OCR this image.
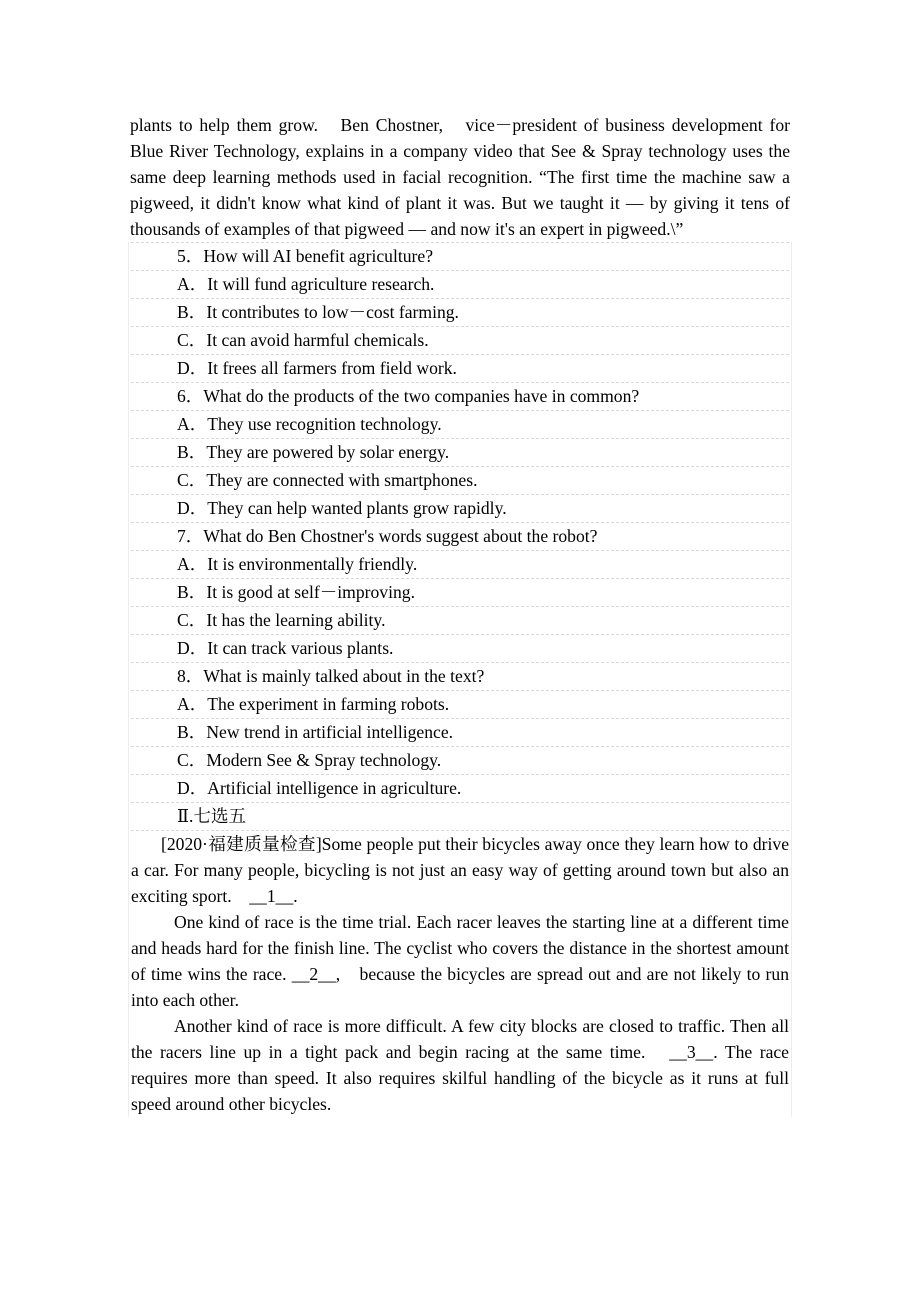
plants to help them grow.　Ben Chostner,　vice－president of business development for Blue River Technology, explains in a company video that See & Spray technology uses the same deep learning methods used in facial recognition. “The first time the machine saw a pigweed, it didn't know what kind of plant it was. But we taught it — by giving it tens of thousands of examples of that pigweed — and now it's an expert in pigweed.\”

5．How will AI benefit agriculture?
A．It will fund agriculture research.
B．It contributes to low－cost farming.
C．It can avoid harmful chemicals.
D．It frees all farmers from field work.
6．What do the products of the two companies have in common?
A．They use recognition technology.
B．They are powered by solar energy.
C．They are connected with smartphones.
D．They can help wanted plants grow rapidly.
7．What do Ben Chostner's words suggest about the robot?
A．It is environmentally friendly.
B．It is good at self－improving.
C．It has the learning ability.
D．It can track various plants.
8．What is mainly talked about in the text?
A．The experiment in farming robots.
B．New trend in artificial intelligence.
C．Modern See & Spray technology.
D．Artificial intelligence in agriculture.
Ⅱ.七选五

[2020·福建质量检查]Some people put their bicycles away once they learn how to drive a car. For many people, bicycling is not just an easy way of getting around town but also an exciting sport.　__1__.

One kind of race is the time trial. Each racer leaves the starting line at a different time and heads hard for the finish line. The cyclist who covers the distance in the shortest amount of time wins the race. __2__,　because the bicycles are spread out and are not likely to run into each other.

Another kind of race is more difficult. A few city blocks are closed to traffic. Then all the racers line up in a tight pack and begin racing at the same time.　__3__. The race requires more than speed. It also requires skilful handling of the bicycle as it runs at full speed around other bicycles.
